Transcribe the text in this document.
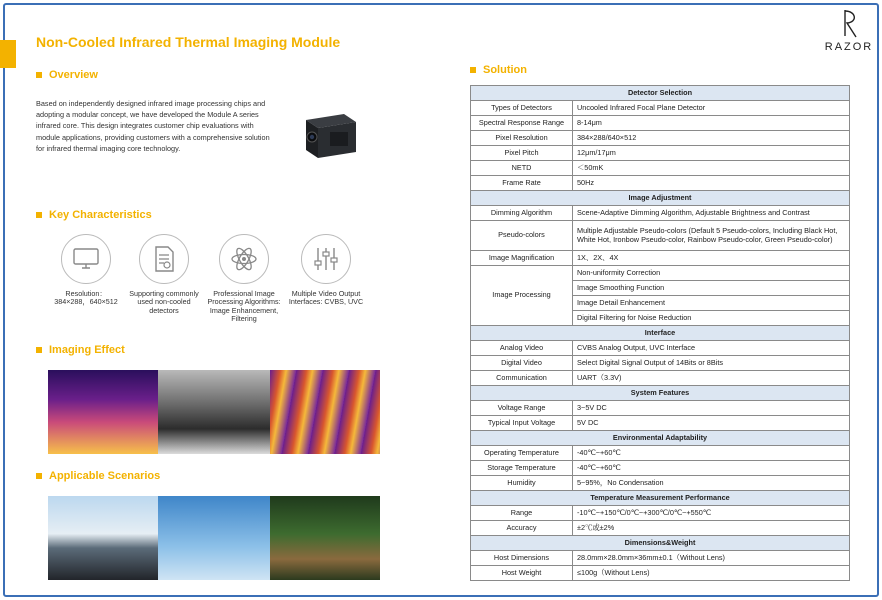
Non-Cooled Infrared Thermal Imaging Module	RAZOR
Overview
Based on independently designed infrared image processing chips and adopting a modular concept, we have developed the Module A series infrared core. This design integrates customer chip evaluations with module applications, providing customers with a comprehensive solution for infrared thermal imaging core technology.
Key Characteristics
Resolution：384×288，640×512
Supporting commonly used non-cooled detectors
Professional Image Processing Algorithms: Image Enhancement, Filtering
Multiple Video Output Interfaces: CVBS, UVC
Imaging Effect
Applicable Scenarios
Solution
Detector Selection	
Types of Detectors	Uncooled Infrared Focal Plane Detector
Spectral Response Range	8-14μm
Pixel Resolution	384×288/640×512
Pixel Pitch	12μm/17μm
NETD	＜50mK
Frame Rate	50Hz
Image Adjustment	
Dimming Algorithm	Scene-Adaptive Dimming Algorithm, Adjustable Brightness and Contrast
Pseudo-colors	Multiple Adjustable Pseudo-colors (Default 5 Pseudo-colors, Including Black Hot, White Hot, Ironbow Pseudo-color, Rainbow Pseudo-color, Green Pseudo-color)
Image Magnification	1X、2X、4X
Image Processing	Non-uniformity Correction
	Image Smoothing Function
	Image Detail Enhancement
	Digital Filtering for Noise Reduction
Interface	
Analog Video	CVBS Analog Output, UVC Interface
Digital Video	Select Digital Signal Output of 14Bits or 8Bits
Communication	UART（3.3V)
System Features	
Voltage Range	3~5V DC
Typical Input Voltage	5V DC
Environmental Adaptability	
Operating Temperature	-40℃~+60℃
Storage Temperature	-40℃~+60℃
Humidity	5~95%，No Condensation
Temperature Measurement Performance	
Range	-10℃~+150℃/0℃~+300℃/0℃~+550℃
Accuracy	±2℃或±2%
Dimensions&Weight	
Host Dimensions	28.0mm×28.0mm×36mm±0.1（Without Lens)
Host Weight	≤100g（Without Lens)
